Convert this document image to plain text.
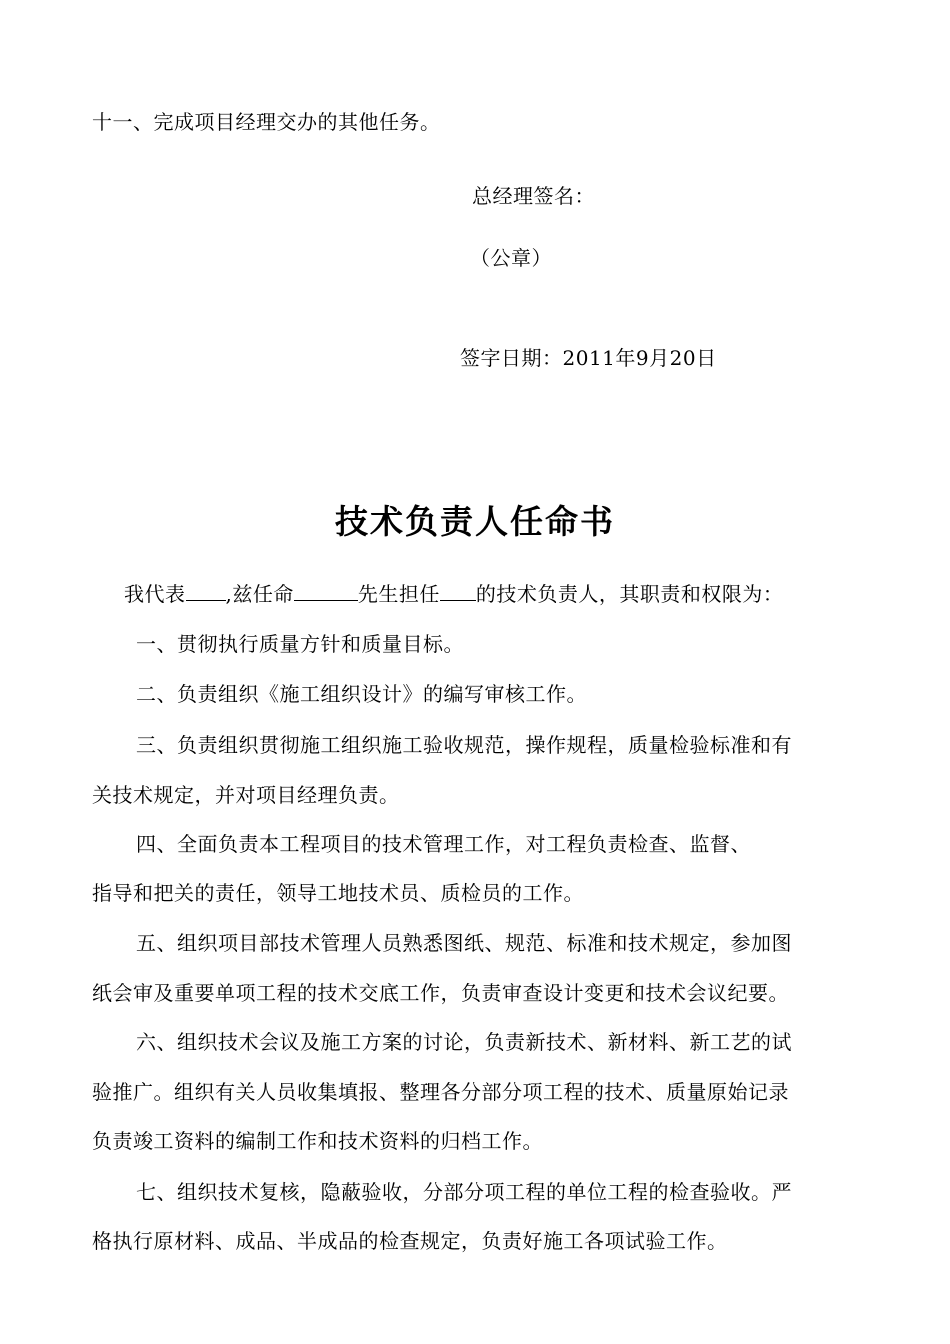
十一、完成项目经理交办的其他任务。
总经理签名：
（公章）
签字日期：2011年9月20日
技术负责人任命书
我代表 ,兹任命	先生担任 的技术负责人，其职责和权限为：
一、贯彻执行质量方针和质量目标。
二、负责组织《施工组织设计》的编写审核工作。
三、负责组织贯彻施工组织施工验收规范，操作规程，质量检验标准和有
关技术规定，并对项目经理负责。
四、全面负责本工程项目的技术管理工作，对工程负责检查、监督、
指导和把关的责任，领导工地技术员、质检员的工作。
五、组织项目部技术管理人员熟悉图纸、规范、标准和技术规定，参加图
纸会审及重要单项工程的技术交底工作，负责审查设计变更和技术会议纪要。
六、组织技术会议及施工方案的讨论，负责新技术、新材料、新工艺的试
验推广。组织有关人员收集填报、整理各分部分项工程的技术、质量原始记录
负责竣工资料的编制工作和技术资料的归档工作。
七、组织技术复核，隐蔽验收，分部分项工程的单位工程的检查验收。严
格执行原材料、成品、半成品的检查规定，负责好施工各项试验工作。
